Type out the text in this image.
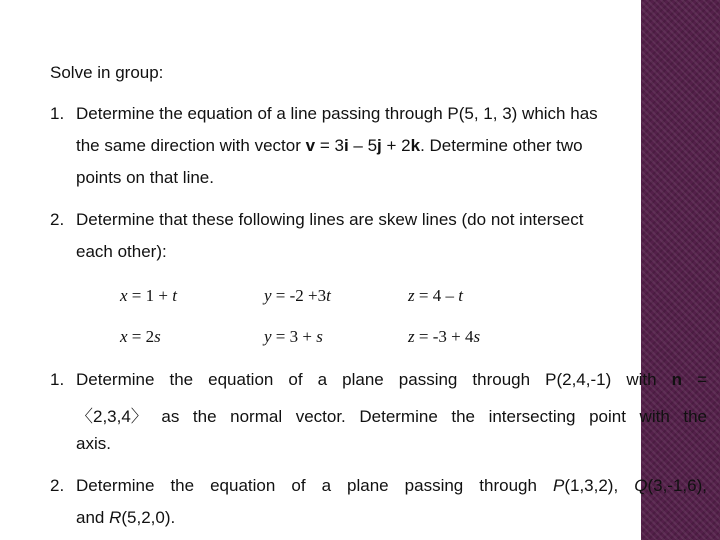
Solve in group:
1. Determine the equation of a line passing through P(5, 1, 3) which has
the same direction with vector v = 3i – 5j + 2k. Determine other two
points on that line.
2. Determine that these following lines are skew lines (do not intersect
each other):
x = 1 + t	y = -2 +3t	z = 4 – t
x = 2s	y = 3 + s	z = -3 + 4s
1. Determine the equation of a plane passing through P(2,4,-1) with n =
〈2,3,4〉 as the normal vector. Determine the intersecting point with the
axis.
2. Determine the equation of a plane passing through P(1,3,2), Q(3,-1,6),
and R(5,2,0).
